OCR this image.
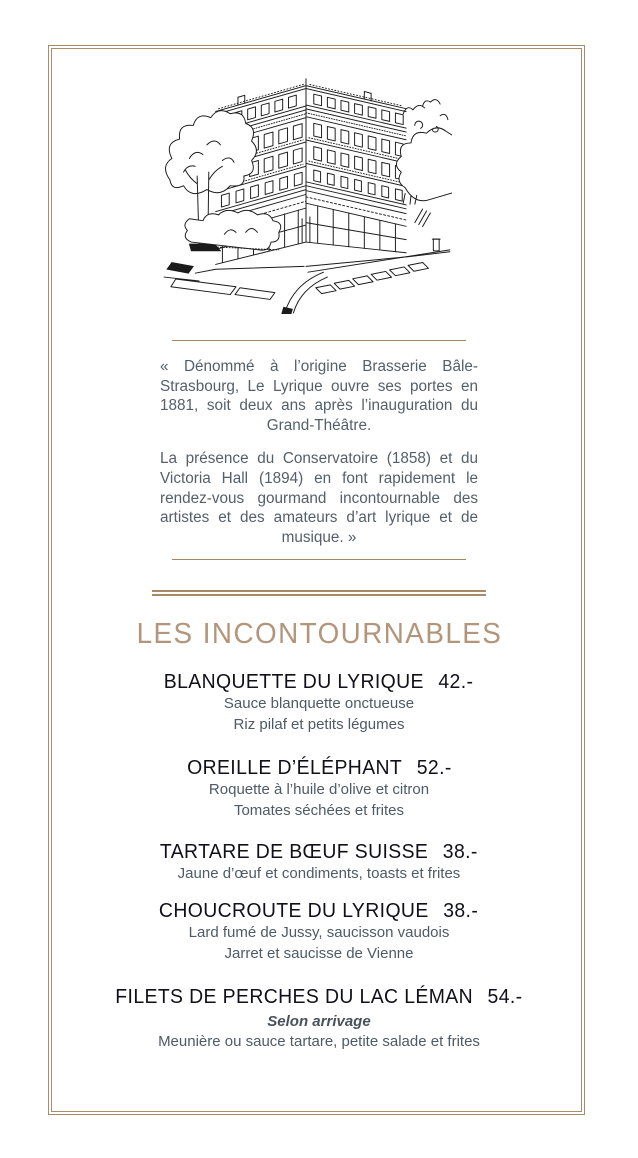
« Dénommé à l’origine Brasserie Bâle-Strasbourg, Le Lyrique ouvre ses portes en 1881, soit deux ans après l’inauguration du Grand-Théâtre.

La présence du Conservatoire (1858) et du Victoria Hall (1894) en font rapidement le rendez-vous gourmand incontournable des artistes et des amateurs d’art lyrique et de musique. »

LES INCONTOURNABLES
BLANQUETTE DU LYRIQUE 42.-
Sauce blanquette onctueuse
Riz pilaf et petits légumes
OREILLE D’ÉLÉPHANT 52.-
Roquette à l’huile d’olive et citron
Tomates séchées et frites
TARTARE DE BŒUF SUISSE 38.-
Jaune d’œuf et condiments, toasts et frites
CHOUCROUTE DU LYRIQUE 38.-
Lard fumé de Jussy, saucisson vaudois
Jarret et saucisse de Vienne
FILETS DE PERCHES DU LAC LÉMAN 54.-
Selon arrivage
Meunière ou sauce tartare, petite salade et frites
